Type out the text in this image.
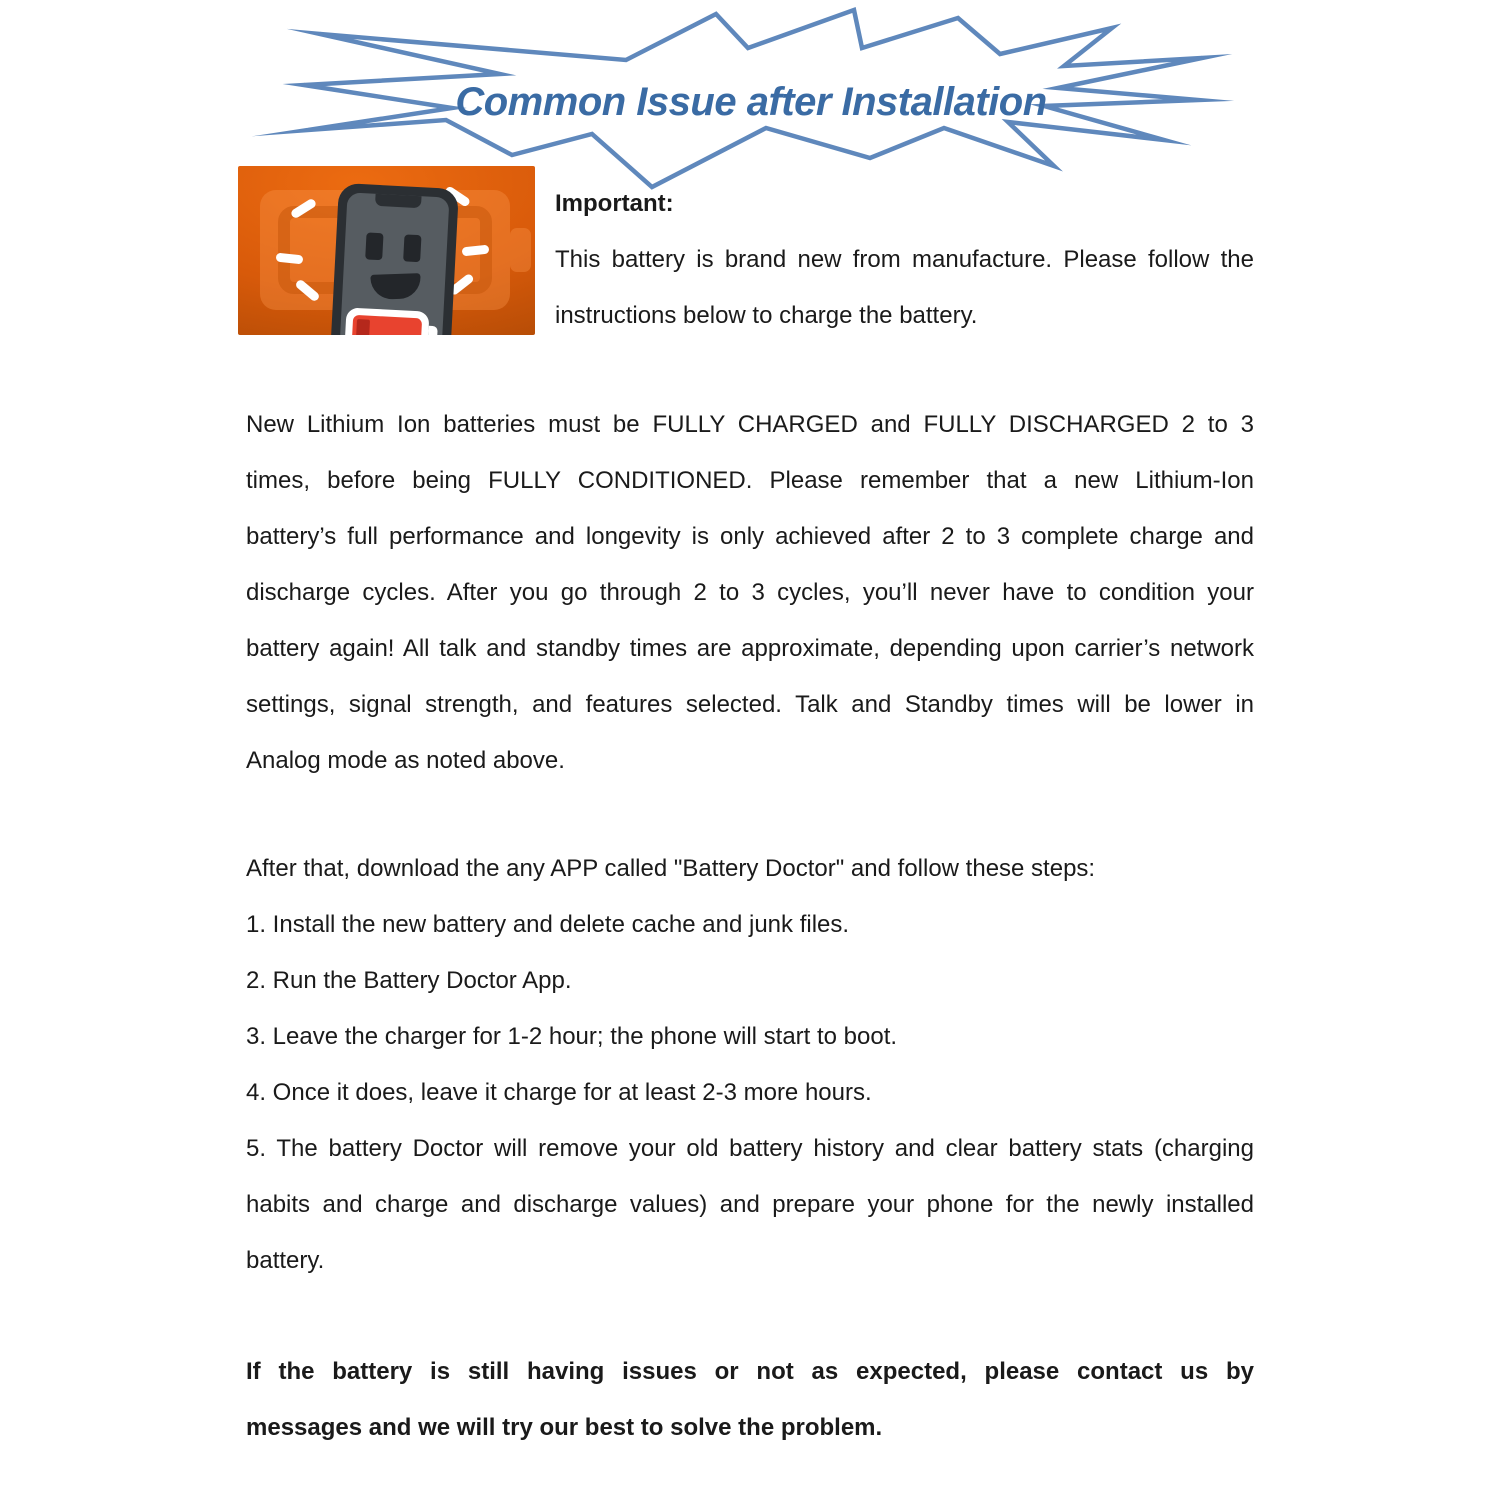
Common Issue after Installation
Important:
This battery is brand new from manufacture. Please follow the
instructions below to charge the battery.
New Lithium Ion batteries must be FULLY CHARGED and FULLY DISCHARGED 2 to 3
times, before being FULLY CONDITIONED. Please remember that a new Lithium-Ion
battery’s full performance and longevity is only achieved after 2 to 3 complete charge and
discharge cycles. After you go through 2 to 3 cycles, you’ll never have to condition your
battery again! All talk and standby times are approximate, depending upon carrier’s network
settings, signal strength, and features selected. Talk and Standby times will be lower in
Analog mode as noted above.
After that, download the any APP called "Battery Doctor" and follow these steps:
1. Install the new battery and delete cache and junk files.
2. Run the Battery Doctor App.
3. Leave the charger for 1-2 hour; the phone will start to boot.
4. Once it does, leave it charge for at least 2-3 more hours.
5. The battery Doctor will remove your old battery history and clear battery stats (charging
habits and charge and discharge values) and prepare your phone for the newly installed
battery.
If the battery is still having issues or not as expected, please contact us by
messages and we will try our best to solve the problem.
